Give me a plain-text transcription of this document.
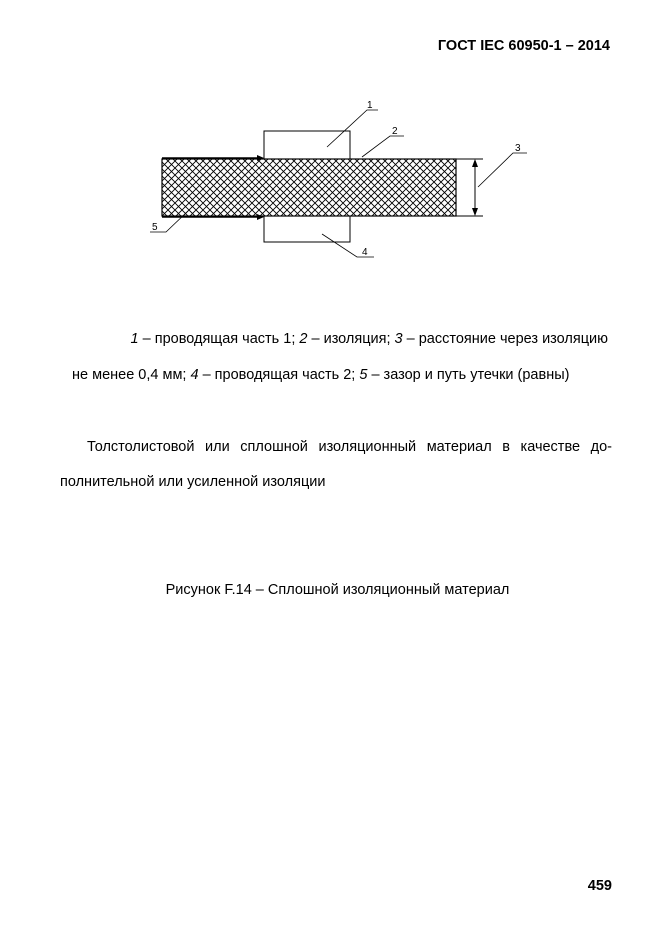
ГОСТ IEC 60950-1 – 2014
1
2
3
4
5
1 – проводящая часть 1; 2 – изоляция; 3 – расстояние через изоляцию
не менее 0,4 мм; 4 – проводящая часть 2; 5 – зазор и путь утечки (равны)
Толстолистовой или сплошной изоляционный материал в качестве до-
полнительной или усиленной изоляции
Рисунок F.14 – Сплошной изоляционный материал
459
